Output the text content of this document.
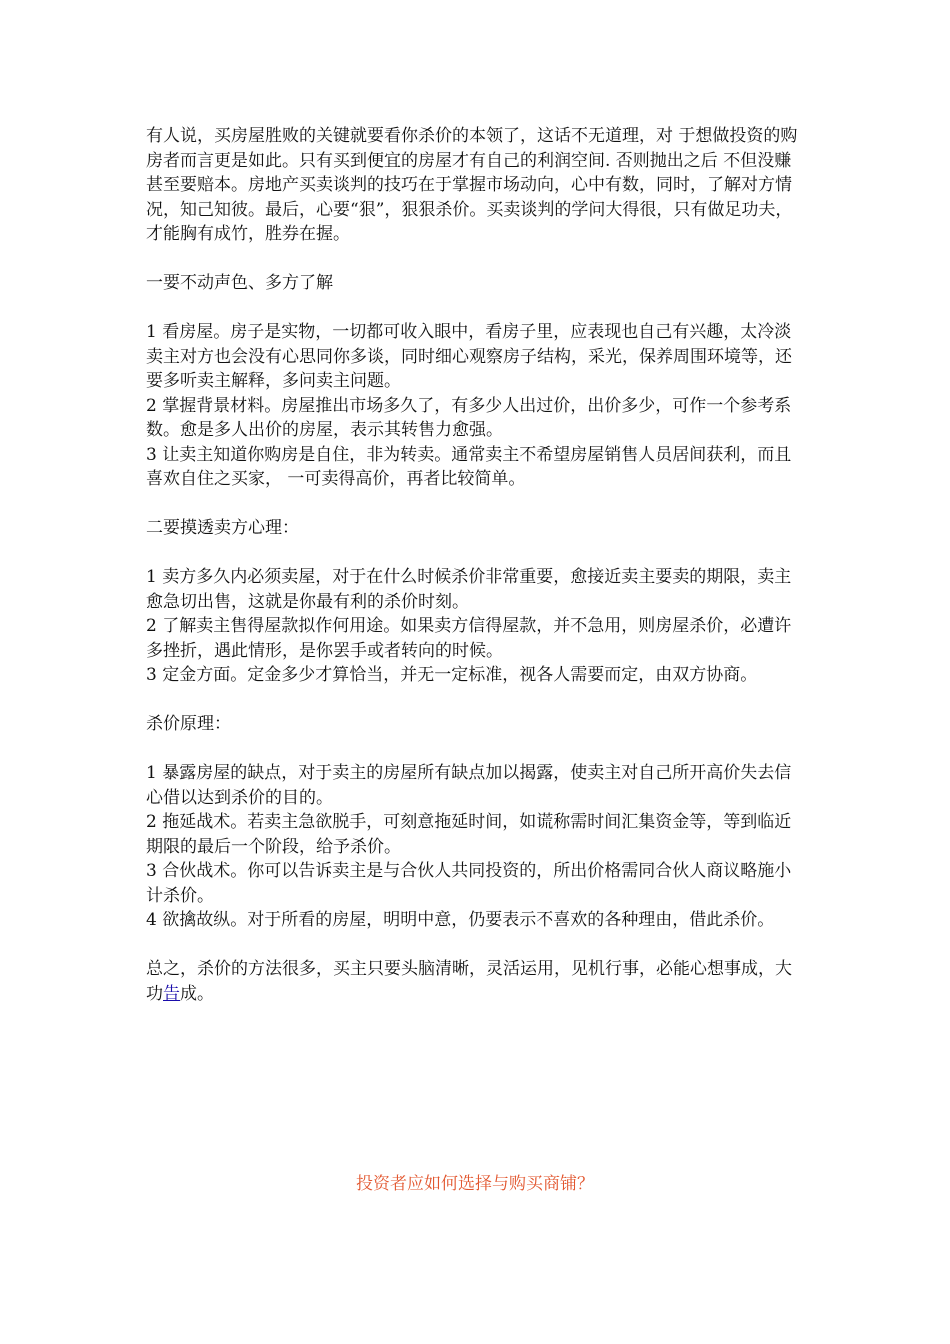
有人说，买房屋胜败的关键就要看你杀价的本领了，这话不无道理，对 于想做投资的购房者而言更是如此。只有买到便宜的房屋才有自己的利润空间. 否则抛出之后 不但没赚甚至要赔本。房地产买卖谈判的技巧在于掌握市场动向，心中有数，同时，了解对方情况，知己知彼。最后，心要“狠”，狠狠杀价。买卖谈判的学问大得很，只有做足功夫，才能胸有成竹，胜券在握。

一要不动声色、多方了解

1 看房屋。房子是实物，一切都可收入眼中，看房子里，应表现也自己有兴趣，太冷淡卖主对方也会没有心思同你多谈，同时细心观察房子结构，采光，保养周围环境等，还要多听卖主解释，多问卖主问题。

2 掌握背景材料。房屋推出市场多久了，有多少人出过价，出价多少，可作一个参考系数。愈是多人出价的房屋，表示其转售力愈强。

3 让卖主知道你购房是自住，非为转卖。通常卖主不希望房屋销售人员居间获利，而且喜欢自住之买家， 一可卖得高价，再者比较简单。

二要摸透卖方心理：

1 卖方多久内必须卖屋，对于在什么时候杀价非常重要，愈接近卖主要卖的期限，卖主愈急切出售，这就是你最有利的杀价时刻。

2 了解卖主售得屋款拟作何用途。如果卖方信得屋款，并不急用，则房屋杀价，必遭许多挫折，遇此情形，是你罢手或者转向的时候。

3 定金方面。定金多少才算恰当，并无一定标准，视各人需要而定，由双方协商。

杀价原理：

1 暴露房屋的缺点，对于卖主的房屋所有缺点加以揭露，使卖主对自己所开高价失去信心借以达到杀价的目的。

2 拖延战术。若卖主急欲脱手，可刻意拖延时间，如谎称需时间汇集资金等，等到临近期限的最后一个阶段，给予杀价。

3 合伙战术。你可以告诉卖主是与合伙人共同投资的，所出价格需同合伙人商议略施小计杀价。

4 欲擒故纵。对于所看的房屋，明明中意，仍要表示不喜欢的各种理由，借此杀价。

总之，杀价的方法很多，买主只要头脑清晰，灵活运用，见机行事，必能心想事成，大功告成。

投资者应如何选择与购买商铺？
